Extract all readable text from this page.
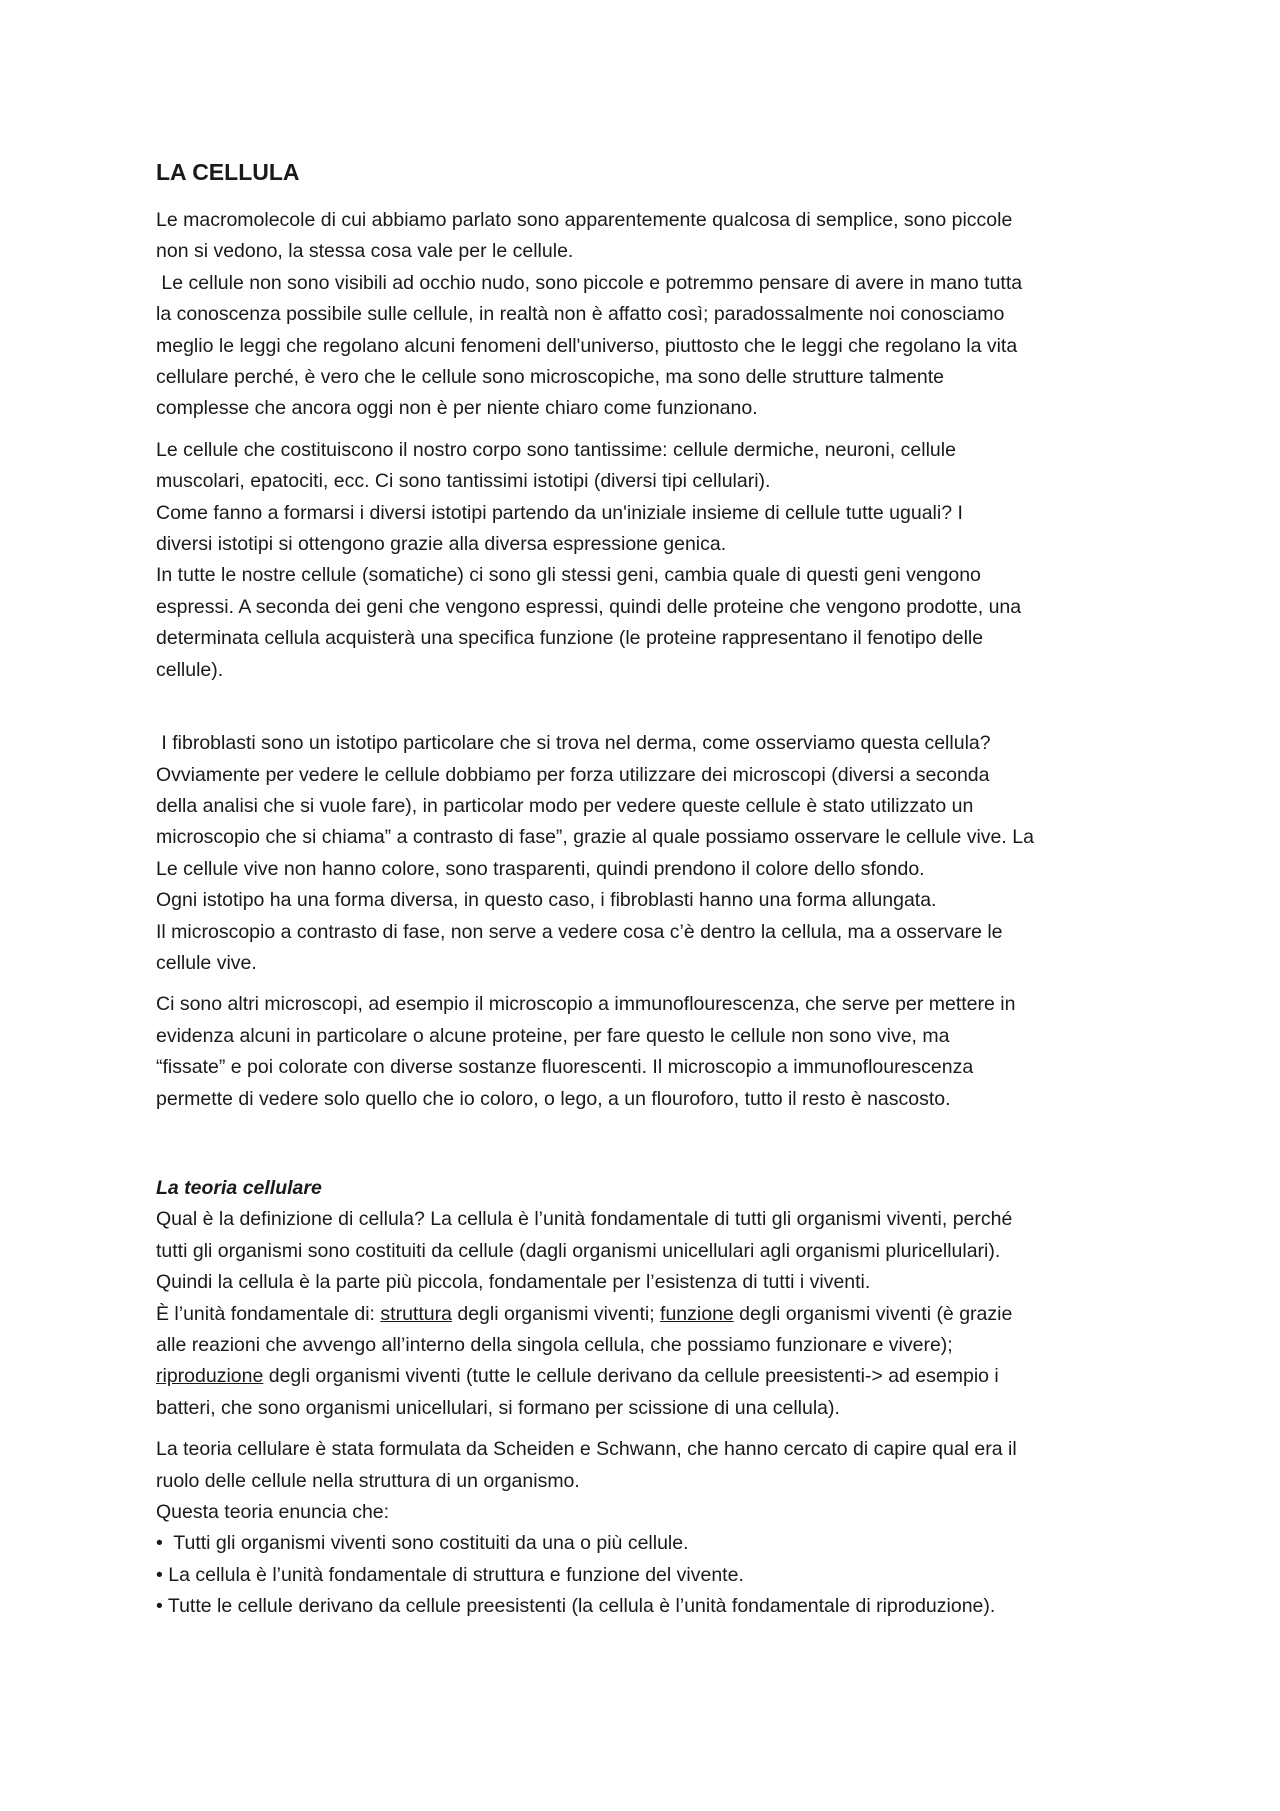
LA CELLULA
Le macromolecole di cui abbiamo parlato sono apparentemente qualcosa di semplice, sono piccole
non si vedono, la stessa cosa vale per le cellule.
Le cellule non sono visibili ad occhio nudo, sono piccole e potremmo pensare di avere in mano tutta
la conoscenza possibile sulle cellule, in realtà non è affatto così; paradossalmente noi conosciamo
meglio le leggi che regolano alcuni fenomeni dell'universo, piuttosto che le leggi che regolano la vita
cellulare perché, è vero che le cellule sono microscopiche, ma sono delle strutture talmente
complesse che ancora oggi non è per niente chiaro come funzionano.
Le cellule che costituiscono il nostro corpo sono tantissime: cellule dermiche, neuroni, cellule
muscolari, epatociti, ecc. Ci sono tantissimi istotipi (diversi tipi cellulari).
Come fanno a formarsi i diversi istotipi partendo da un'iniziale insieme di cellule tutte uguali? I
diversi istotipi si ottengono grazie alla diversa espressione genica.
In tutte le nostre cellule (somatiche) ci sono gli stessi geni, cambia quale di questi geni vengono
espressi. A seconda dei geni che vengono espressi, quindi delle proteine che vengono prodotte, una
determinata cellula acquisterà una specifica funzione (le proteine rappresentano il fenotipo delle
cellule).
I fibroblasti sono un istotipo particolare che si trova nel derma, come osserviamo questa cellula?
Ovviamente per vedere le cellule dobbiamo per forza utilizzare dei microscopi (diversi a seconda
della analisi che si vuole fare), in particolar modo per vedere queste cellule è stato utilizzato un
microscopio che si chiama” a contrasto di fase”, grazie al quale possiamo osservare le cellule vive. La
Le cellule vive non hanno colore, sono trasparenti, quindi prendono il colore dello sfondo.
Ogni istotipo ha una forma diversa, in questo caso, i fibroblasti hanno una forma allungata.
Il microscopio a contrasto di fase, non serve a vedere cosa c’è dentro la cellula, ma a osservare le
cellule vive.
Ci sono altri microscopi, ad esempio il microscopio a immunoflourescenza, che serve per mettere in
evidenza alcuni in particolare o alcune proteine, per fare questo le cellule non sono vive, ma
“fissate” e poi colorate con diverse sostanze fluorescenti. Il microscopio a immunoflourescenza
permette di vedere solo quello che io coloro, o lego, a un flouroforo, tutto il resto è nascosto.
La teoria cellulare
Qual è la definizione di cellula? La cellula è l’unità fondamentale di tutti gli organismi viventi, perché
tutti gli organismi sono costituiti da cellule (dagli organismi unicellulari agli organismi pluricellulari).
Quindi la cellula è la parte più piccola, fondamentale per l’esistenza di tutti i viventi.
È l’unità fondamentale di: struttura degli organismi viventi; funzione degli organismi viventi (è grazie
alle reazioni che avvengo all’interno della singola cellula, che possiamo funzionare e vivere);
riproduzione degli organismi viventi (tutte le cellule derivano da cellule preesistenti-> ad esempio i
batteri, che sono organismi unicellulari, si formano per scissione di una cellula).
La teoria cellulare è stata formulata da Scheiden e Schwann, che hanno cercato di capire qual era il
ruolo delle cellule nella struttura di un organismo.
Questa teoria enuncia che:
•  Tutti gli organismi viventi sono costituiti da una o più cellule.
• La cellula è l’unità fondamentale di struttura e funzione del vivente.
• Tutte le cellule derivano da cellule preesistenti (la cellula è l’unità fondamentale di riproduzione).
